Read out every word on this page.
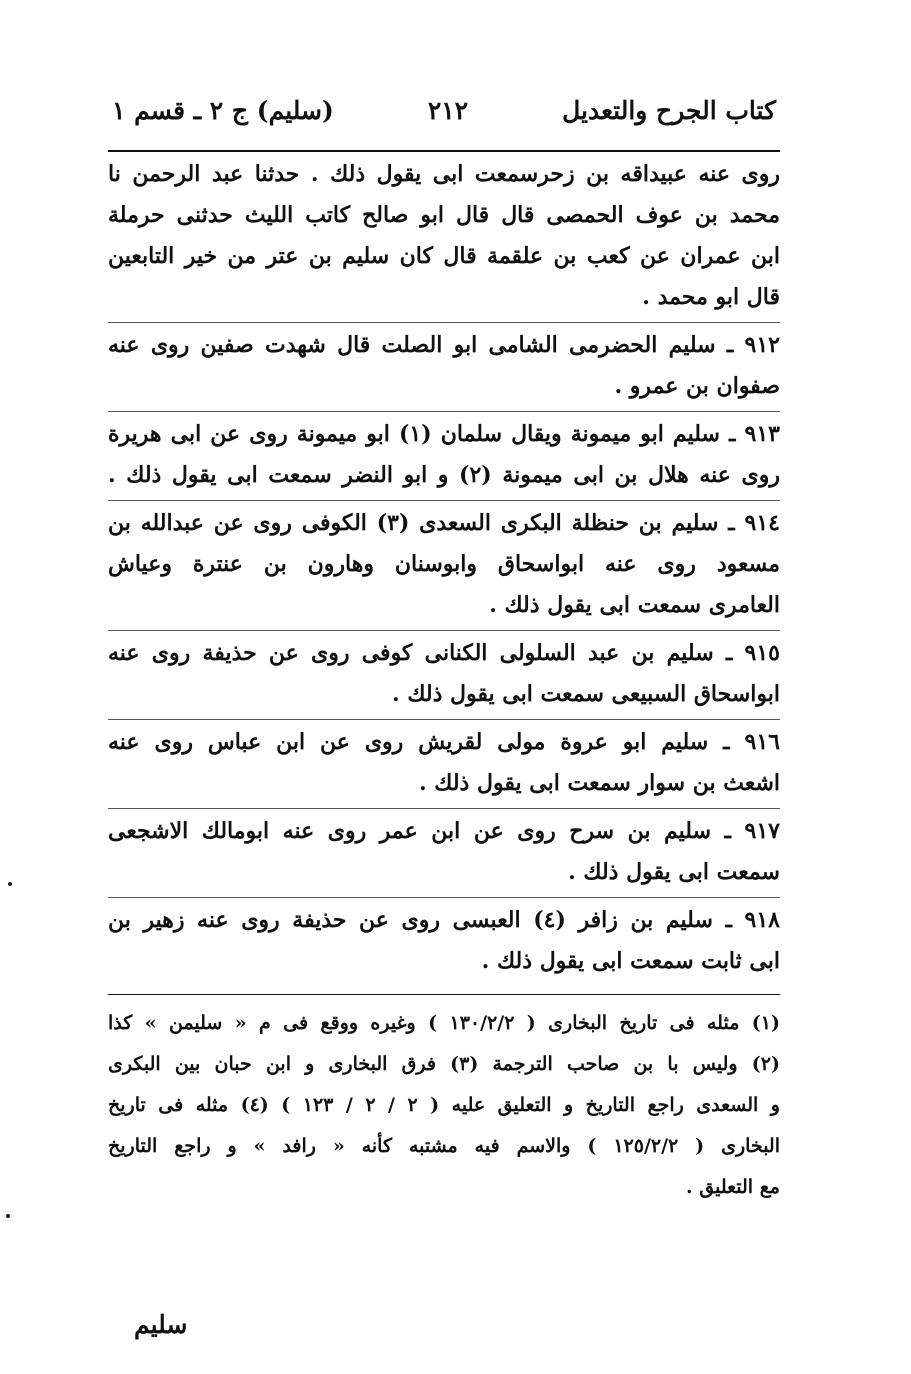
كتاب الجرح والتعديل
٢١٢
(سليم) ج ٢ ـ قسم ١
روى عنه عبيداقه بن زحرسمعت ابى يقول ذلك . حدثنا عبد الرحمن نا
محمد بن عوف الحمصى قال قال ابو صالح كاتب الليث حدثنى حرملة
ابن عمران عن كعب بن علقمة قال كان سليم بن عتر من خير التابعين
قال ابو محمد .
٩١٢ ـ سليم الحضرمى الشامى ابو الصلت قال شهدت صفين روى عنه
صفوان بن عمرو .
٩١٣ ـ سليم ابو ميمونة ويقال سلمان (١) ابو ميمونة روى عن ابى هريرة
روى عنه هلال بن ابى ميمونة (٢) و ابو النضر سمعت ابى يقول ذلك .
٩١٤ ـ سليم بن حنظلة البكرى السعدى (٣) الكوفى روى عن عبدالله بن
مسعود روى عنه ابواسحاق وابوسنان وهارون بن عنترة وعياش
العامرى سمعت ابى يقول ذلك .
٩١٥ ـ سليم بن عبد السلولى الكنانى كوفى روى عن حذيفة روى عنه
ابواسحاق السبيعى سمعت ابى يقول ذلك .
٩١٦ ـ سليم ابو عروة مولى لقريش روى عن ابن عباس روى عنه
اشعث بن سوار سمعت ابى يقول ذلك .
٩١٧ ـ سليم بن سرح روى عن ابن عمر روى عنه ابومالك الاشجعى
سمعت ابى يقول ذلك .
٩١٨ ـ سليم بن زافر (٤) العبسى روى عن حذيفة روى عنه زهير بن
ابى ثابت سمعت ابى يقول ذلك .
(١) مثله فى تاريخ البخارى ( ١٣٠/٢/٢ ) وغيره ووقع فى م « سليمن » كذا
(٢) وليس با بن صاحب الترجمة (٣) فرق البخارى و ابن حبان بين البكرى
و السعدى راجع التاريخ و التعليق عليه ( ٢ / ٢ / ١٢٣ ) (٤) مثله فى تاريخ
البخارى ( ١٢٥/٢/٢ ) والاسم فيه مشتبه كأنه « رافد » و راجع التاريخ
مع التعليق .
سليم
